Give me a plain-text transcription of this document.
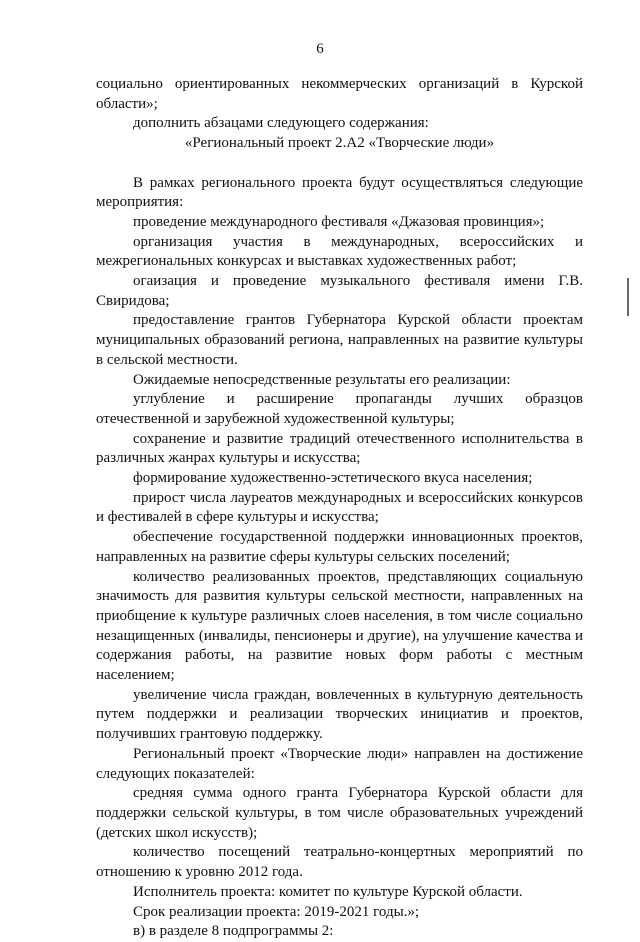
6

социально ориентированных некоммерческих организаций в Курской области»;

дополнить абзацами следующего содержания:

«Региональный проект 2.А2 «Творческие люди»

В рамках регионального проекта будут осуществляться следующие мероприятия:

проведение международного фестиваля «Джазовая провинция»;

организация участия в международных, всероссийских и межрегиональных конкурсах и выставках художественных работ;

огаизация и проведение музыкального фестиваля имени Г.В. Свиридова;

предоставление грантов Губернатора Курской области проектам муниципальных образований региона, направленных на развитие культуры в сельской местности.

Ожидаемые непосредственные результаты его реализации:

углубление и расширение пропаганды лучших образцов отечественной и зарубежной художественной культуры;

сохранение и развитие традиций отечественного исполнительства в различных жанрах культуры и искусства;

формирование художественно-эстетического вкуса населения;

прирост числа лауреатов международных и всероссийских конкурсов и фестивалей в сфере культуры и искусства;

обеспечение государственной поддержки инновационных проектов, направленных на развитие сферы культуры сельских поселений;

количество реализованных проектов, представляющих социальную значимость для развития культуры сельской местности, направленных на приобщение к культуре различных слоев населения, в том числе социально незащищенных (инвалиды, пенсионеры и другие), на улучшение качества и содержания работы, на развитие новых форм работы с местным населением;

увеличение числа граждан, вовлеченных в культурную деятельность путем поддержки и реализации творческих инициатив и проектов, получивших грантовую поддержку.

Региональный проект «Творческие люди» направлен на достижение следующих показателей:

средняя сумма одного гранта Губернатора Курской области для поддержки сельской культуры, в том числе образовательных учреждений (детских школ искусств);

количество посещений театрально-концертных мероприятий по отношению к уровню 2012 года.

Исполнитель проекта: комитет по культуре Курской области.

Срок реализации проекта: 2019-2021 годы.»;

в) в разделе 8 подпрограммы 2:
